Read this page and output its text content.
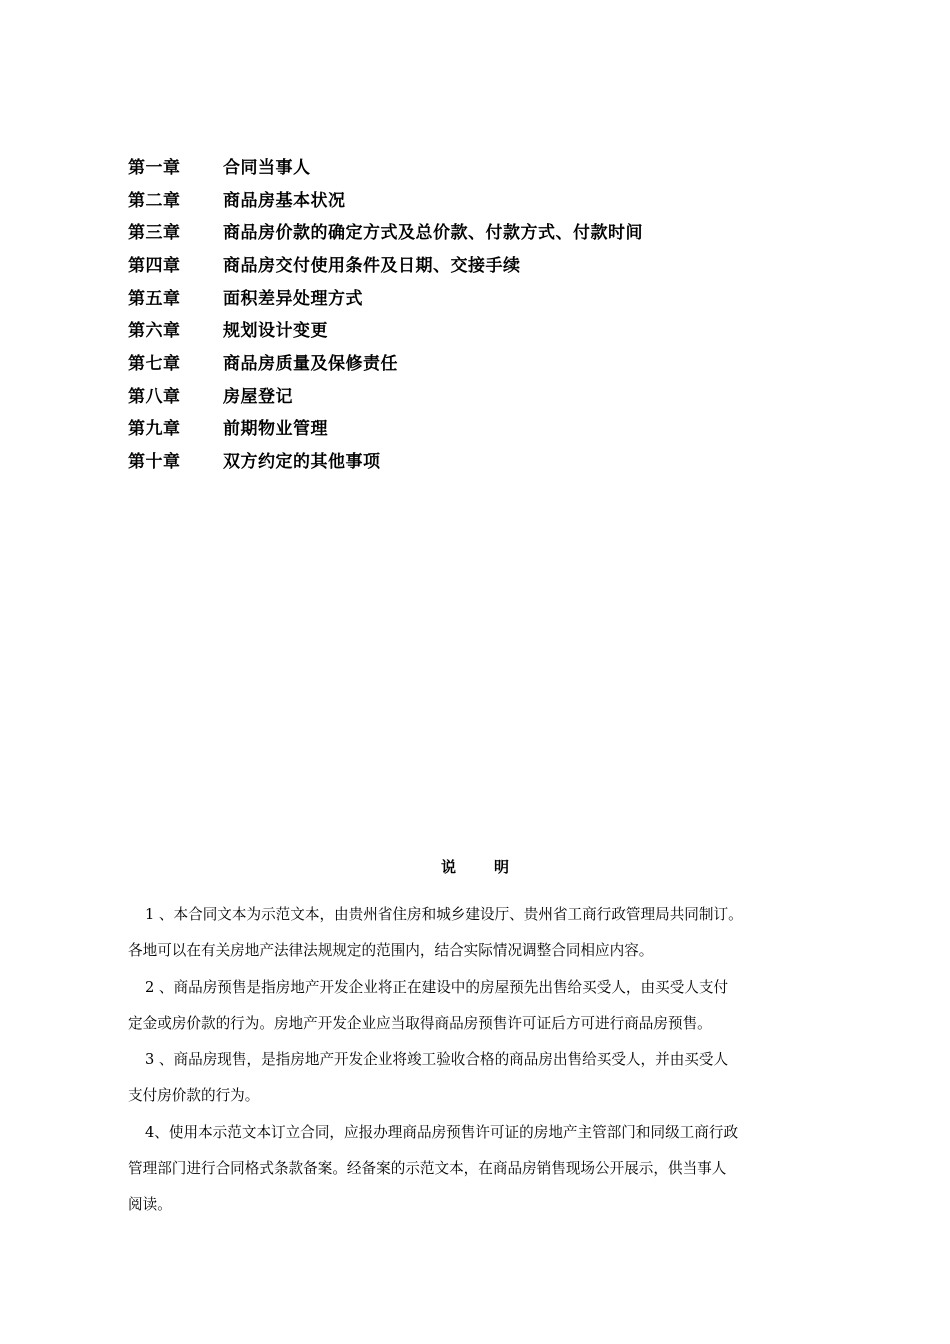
第一章	合同当事人
第二章	商品房基本状况
第三章	商品房价款的确定方式及总价款、付款方式、付款时间
第四章	商品房交付使用条件及日期、交接手续
第五章	面积差异处理方式
第六章	规划设计变更
第七章	商品房质量及保修责任
第八章	房屋登记
第九章	前期物业管理
第十章	双方约定的其他事项
说明
1 、本合同文本为示范文本，由贵州省住房和城乡建设厅、贵州省工商行政管理局共同制订。
各地可以在有关房地产法律法规规定的范围内，结合实际情况调整合同相应内容。
2 、商品房预售是指房地产开发企业将正在建设中的房屋预先出售给买受人，由买受人支付
定金或房价款的行为。房地产开发企业应当取得商品房预售许可证后方可进行商品房预售。
3 、商品房现售，是指房地产开发企业将竣工验收合格的商品房出售给买受人，并由买受人
支付房价款的行为。
4、使用本示范文本订立合同，应报办理商品房预售许可证的房地产主管部门和同级工商行政
管理部门进行合同格式条款备案。经备案的示范文本，在商品房销售现场公开展示，供当事人
阅读。
